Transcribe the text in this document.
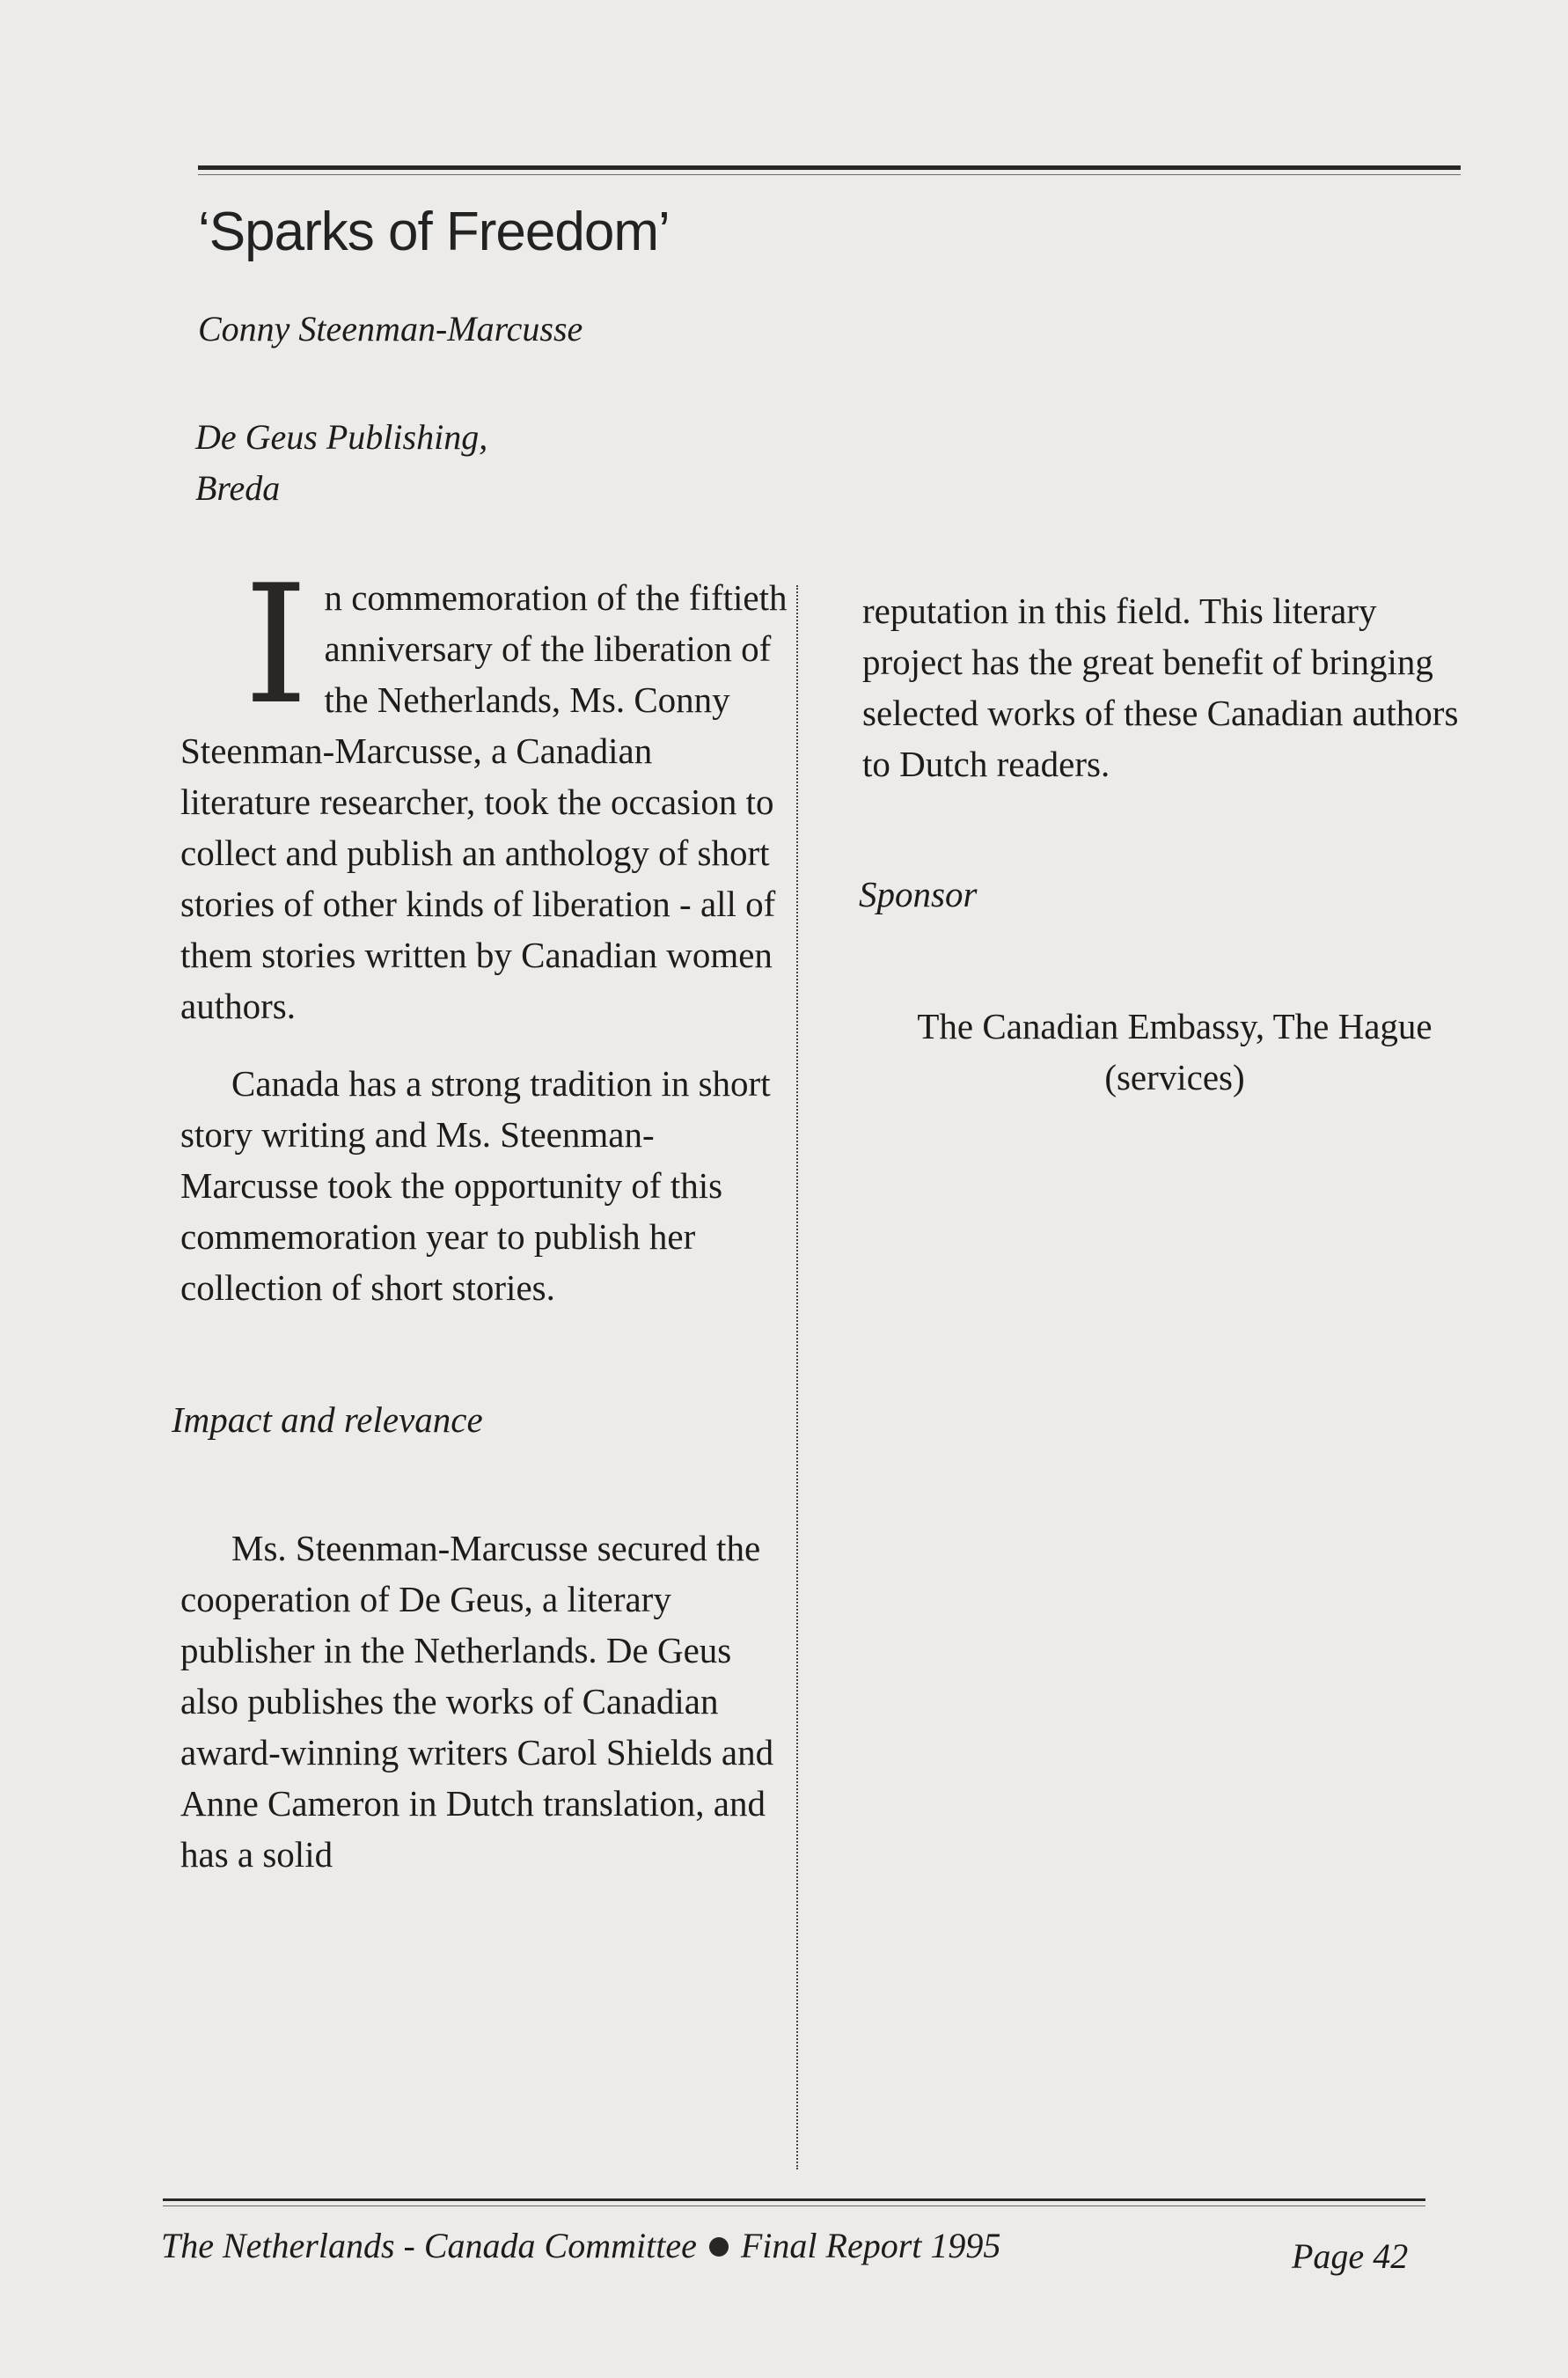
‘Sparks of Freedom’
Conny Steenman-Marcusse
De Geus Publishing,
Breda

In commemoration of the fiftieth anniversary of the liberation of the Netherlands, Ms. Conny Steenman-Marcusse, a Canadian literature researcher, took the occasion to collect and publish an anthology of short stories of other kinds of liberation - all of them stories written by Canadian women authors.

Canada has a strong tradition in short story writing and Ms. Steenman-Marcusse took the opportunity of this commemoration year to publish her collection of short stories.

Impact and relevance

Ms. Steenman-Marcusse secured the cooperation of De Geus, a literary publisher in the Netherlands. De Geus also publishes the works of Canadian award-winning writers Carol Shields and Anne Cameron in Dutch translation, and has a solid

reputation in this field. This literary project has the great benefit of bringing selected works of these Canadian authors to Dutch readers.

Sponsor

The Canadian Embassy, The Hague (services)

The Netherlands - Canada Committee Final Report 1995	Page 42
